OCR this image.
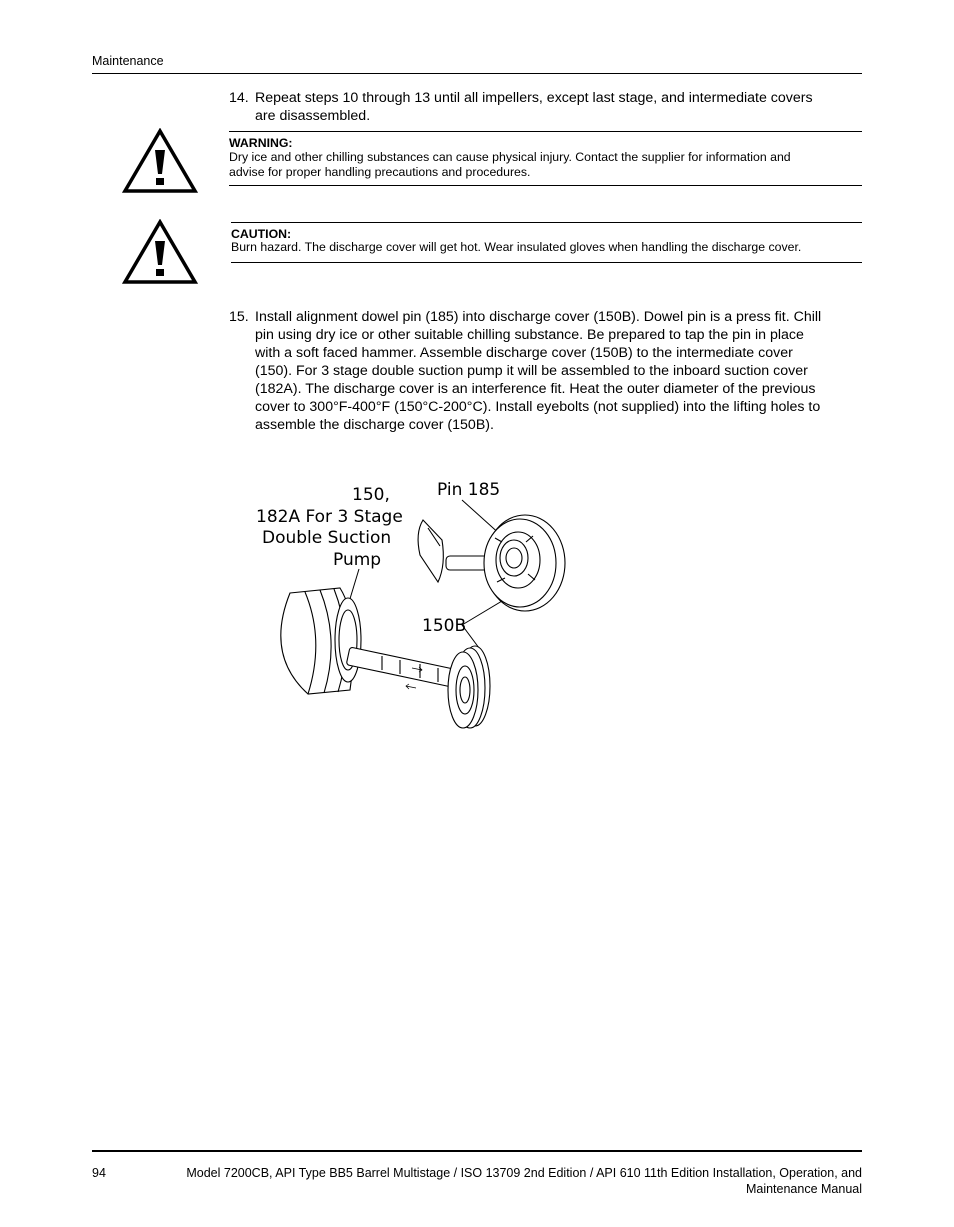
Maintenance
14. Repeat steps 10 through 13 until all impellers, except last stage, and intermediate covers
are disassembled.
WARNING:
Dry ice and other chilling substances can cause physical injury. Contact the supplier for information and
advise for proper handling precautions and procedures.
CAUTION:
Burn hazard. The discharge cover will get hot. Wear insulated gloves when handling the discharge cover.
15. Install alignment dowel pin (185) into discharge cover (150B). Dowel pin is a press fit. Chill
pin using dry ice or other suitable chilling substance. Be prepared to tap the pin in place
with a soft faced hammer. Assemble discharge cover (150B) to the intermediate cover
(150). For 3 stage double suction pump it will be assembled to the inboard suction cover
(182A). The discharge cover is an interference fit. Heat the outer diameter of the previous
cover to 300°F-400°F (150°C-200°C). Install eyebolts (not supplied) into the lifting holes to
assemble the discharge cover (150B).
150,
182A For 3 Stage
Double Suction
Pump
Pin 185
150B
94	Model 7200CB, API Type BB5 Barrel Multistage / ISO 13709 2nd Edition / API 610 11th Edition Installation, Operation, and
Maintenance Manual
